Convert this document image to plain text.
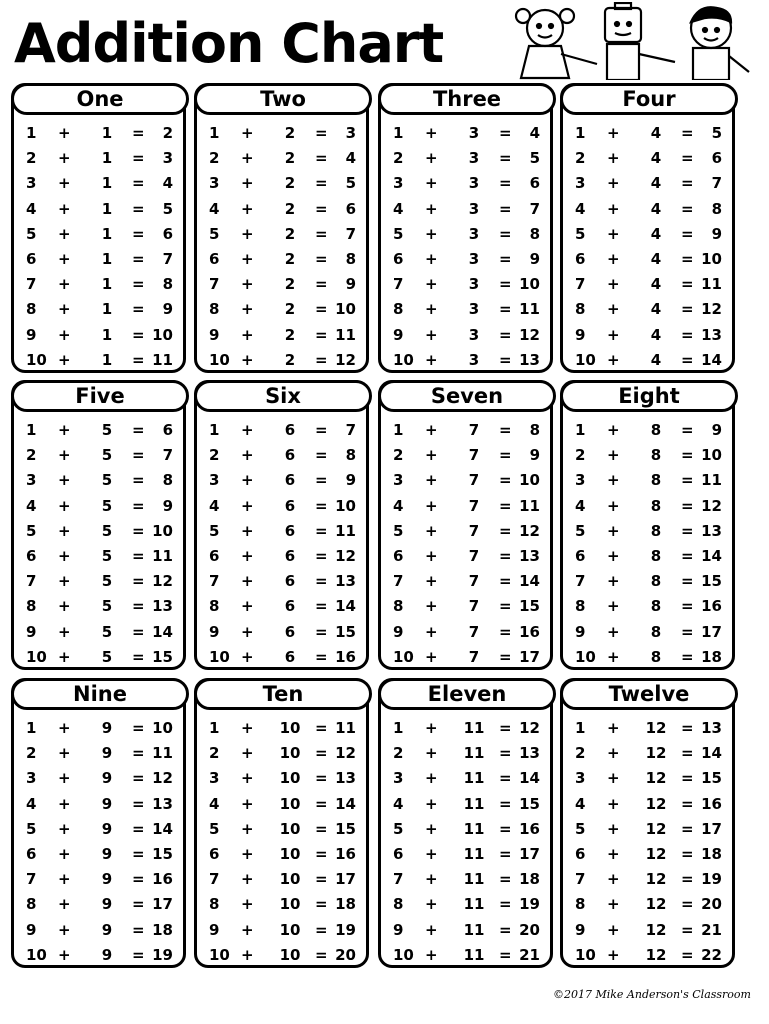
Addition Chart
One
1 +	1	= 2
2 +	1	= 3
3 +	1	= 4
4 +	1	= 5
5 +	1	= 6
6 +	1	= 7
7 +	1	= 8
8 +	1	= 9
9 +	1	= 10
10 +	1	= 11
Two
1 +	2	= 3
2 +	2	= 4
3 +	2	= 5
4 +	2	= 6
5 +	2	= 7
6 +	2	= 8
7 +	2	= 9
8 +	2	= 10
9 +	2	= 11
10 +	2	= 12
Three
1 +	3	= 4
2 +	3	= 5
3 +	3	= 6
4 +	3	= 7
5 +	3	= 8
6 +	3	= 9
7 +	3	= 10
8 +	3	= 11
9 +	3	= 12
10 +	3	= 13
Four
1 +	4	= 5
2 +	4	= 6
3 +	4	= 7
4 +	4	= 8
5 +	4	= 9
6 +	4	= 10
7 +	4	= 11
8 +	4	= 12
9 +	4	= 13
10 +	4	= 14
Five
1 +	5	= 6
2 +	5	= 7
3 +	5	= 8
4 +	5	= 9
5 +	5	= 10
6 +	5	= 11
7 +	5	= 12
8 +	5	= 13
9 +	5	= 14
10 +	5	= 15
Six
1 +	6	= 7
2 +	6	= 8
3 +	6	= 9
4 +	6	= 10
5 +	6	= 11
6 +	6	= 12
7 +	6	= 13
8 +	6	= 14
9 +	6	= 15
10 +	6	= 16
Seven
1 +	7	= 8
2 +	7	= 9
3 +	7	= 10
4 +	7	= 11
5 +	7	= 12
6 +	7	= 13
7 +	7	= 14
8 +	7	= 15
9 +	7	= 16
10 +	7	= 17
Eight
1 +	8	= 9
2 +	8	= 10
3 +	8	= 11
4 +	8	= 12
5 +	8	= 13
6 +	8	= 14
7 +	8	= 15
8 +	8	= 16
9 +	8	= 17
10 +	8	= 18
Nine
1 +	9	= 10
2 +	9	= 11
3 +	9	= 12
4 +	9	= 13
5 +	9	= 14
6 +	9	= 15
7 +	9	= 16
8 +	9	= 17
9 +	9	= 18
10 +	9	= 19
Ten
1 + 10 = 11
2 + 10 = 12
3 + 10 = 13
4 + 10 = 14
5 + 10 = 15
6 + 10 = 16
7 + 10 = 17
8 + 10 = 18
9 + 10 = 19
10 + 10 = 20
Eleven
1 + 11 = 12
2 + 11 = 13
3 + 11 = 14
4 + 11 = 15
5 + 11 = 16
6 + 11 = 17
7 + 11 = 18
8 + 11 = 19
9 + 11 = 20
10 + 11 = 21
Twelve
1 + 12 = 13
2 + 12 = 14
3 + 12 = 15
4 + 12 = 16
5 + 12 = 17
6 + 12 = 18
7 + 12 = 19
8 + 12 = 20
9 + 12 = 21
10 + 12 = 22
©2017 Mike Anderson's Classroom
